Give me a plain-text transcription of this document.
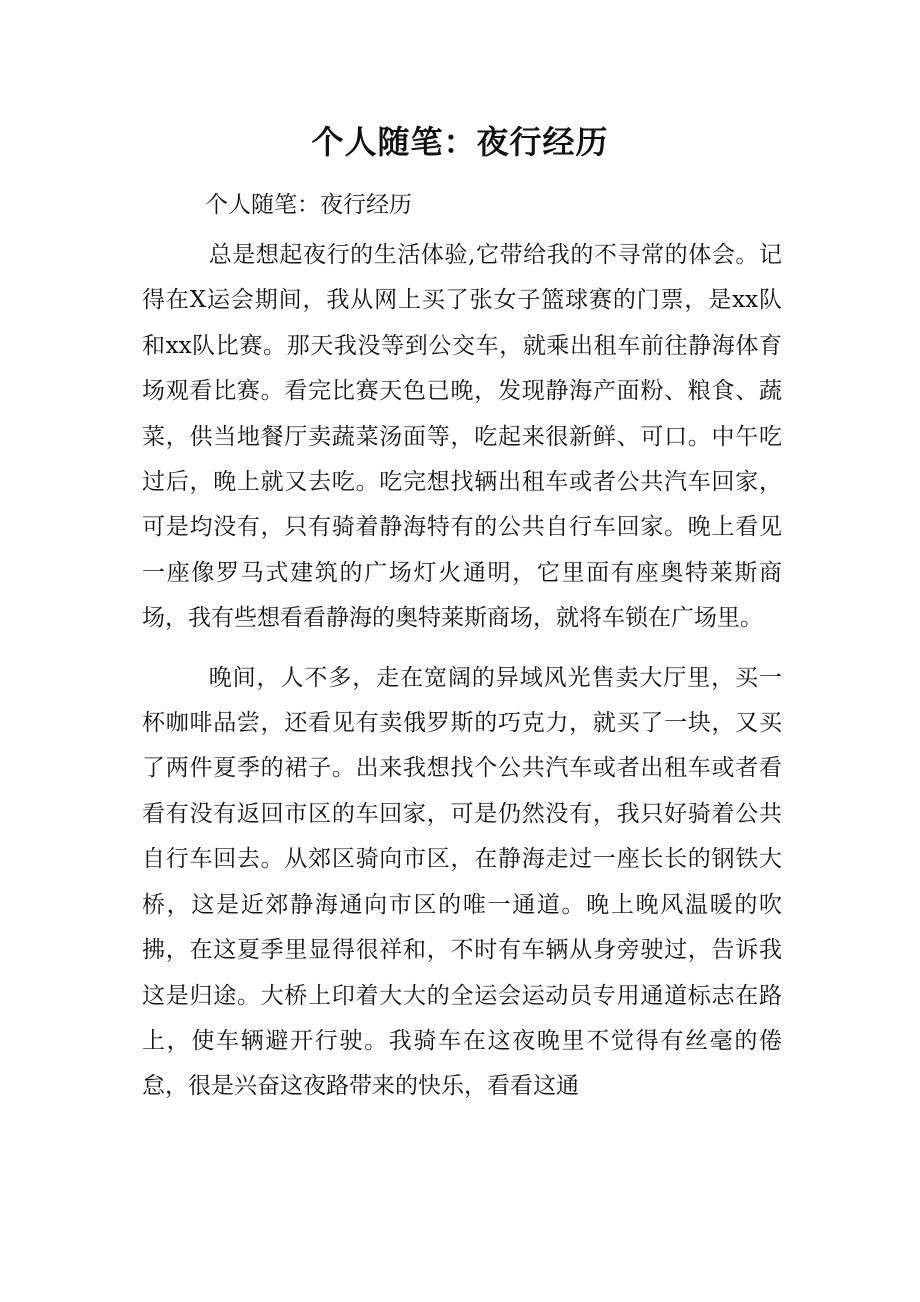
个人随笔：夜行经历

个人随笔：夜行经历

总是想起夜行的生活体验,它带给我的不寻常的体会。记得在X运会期间，我从网上买了张女子篮球赛的门票，是xx队和xx队比赛。那天我没等到公交车，就乘出租车前往静海体育场观看比赛。看完比赛天色已晚，发现静海产面粉、粮食、蔬菜，供当地餐厅卖蔬菜汤面等，吃起来很新鲜、可口。中午吃过后，晚上就又去吃。吃完想找辆出租车或者公共汽车回家，可是均没有，只有骑着静海特有的公共自行车回家。晚上看见一座像罗马式建筑的广场灯火通明，它里面有座奥特莱斯商场，我有些想看看静海的奥特莱斯商场，就将车锁在广场里。

晚间，人不多，走在宽阔的异域风光售卖大厅里，买一杯咖啡品尝，还看见有卖俄罗斯的巧克力，就买了一块，又买了两件夏季的裙子。出来我想找个公共汽车或者出租车或者看看有没有返回市区的车回家，可是仍然没有，我只好骑着公共自行车回去。从郊区骑向市区，在静海走过一座长长的钢铁大桥，这是近郊静海通向市区的唯一通道。晚上晚风温暖的吹拂，在这夏季里显得很祥和，不时有车辆从身旁驶过，告诉我这是归途。大桥上印着大大的全运会运动员专用通道标志在路上，使车辆避开行驶。我骑车在这夜晚里不觉得有丝毫的倦怠，很是兴奋这夜路带来的快乐，看看这通
